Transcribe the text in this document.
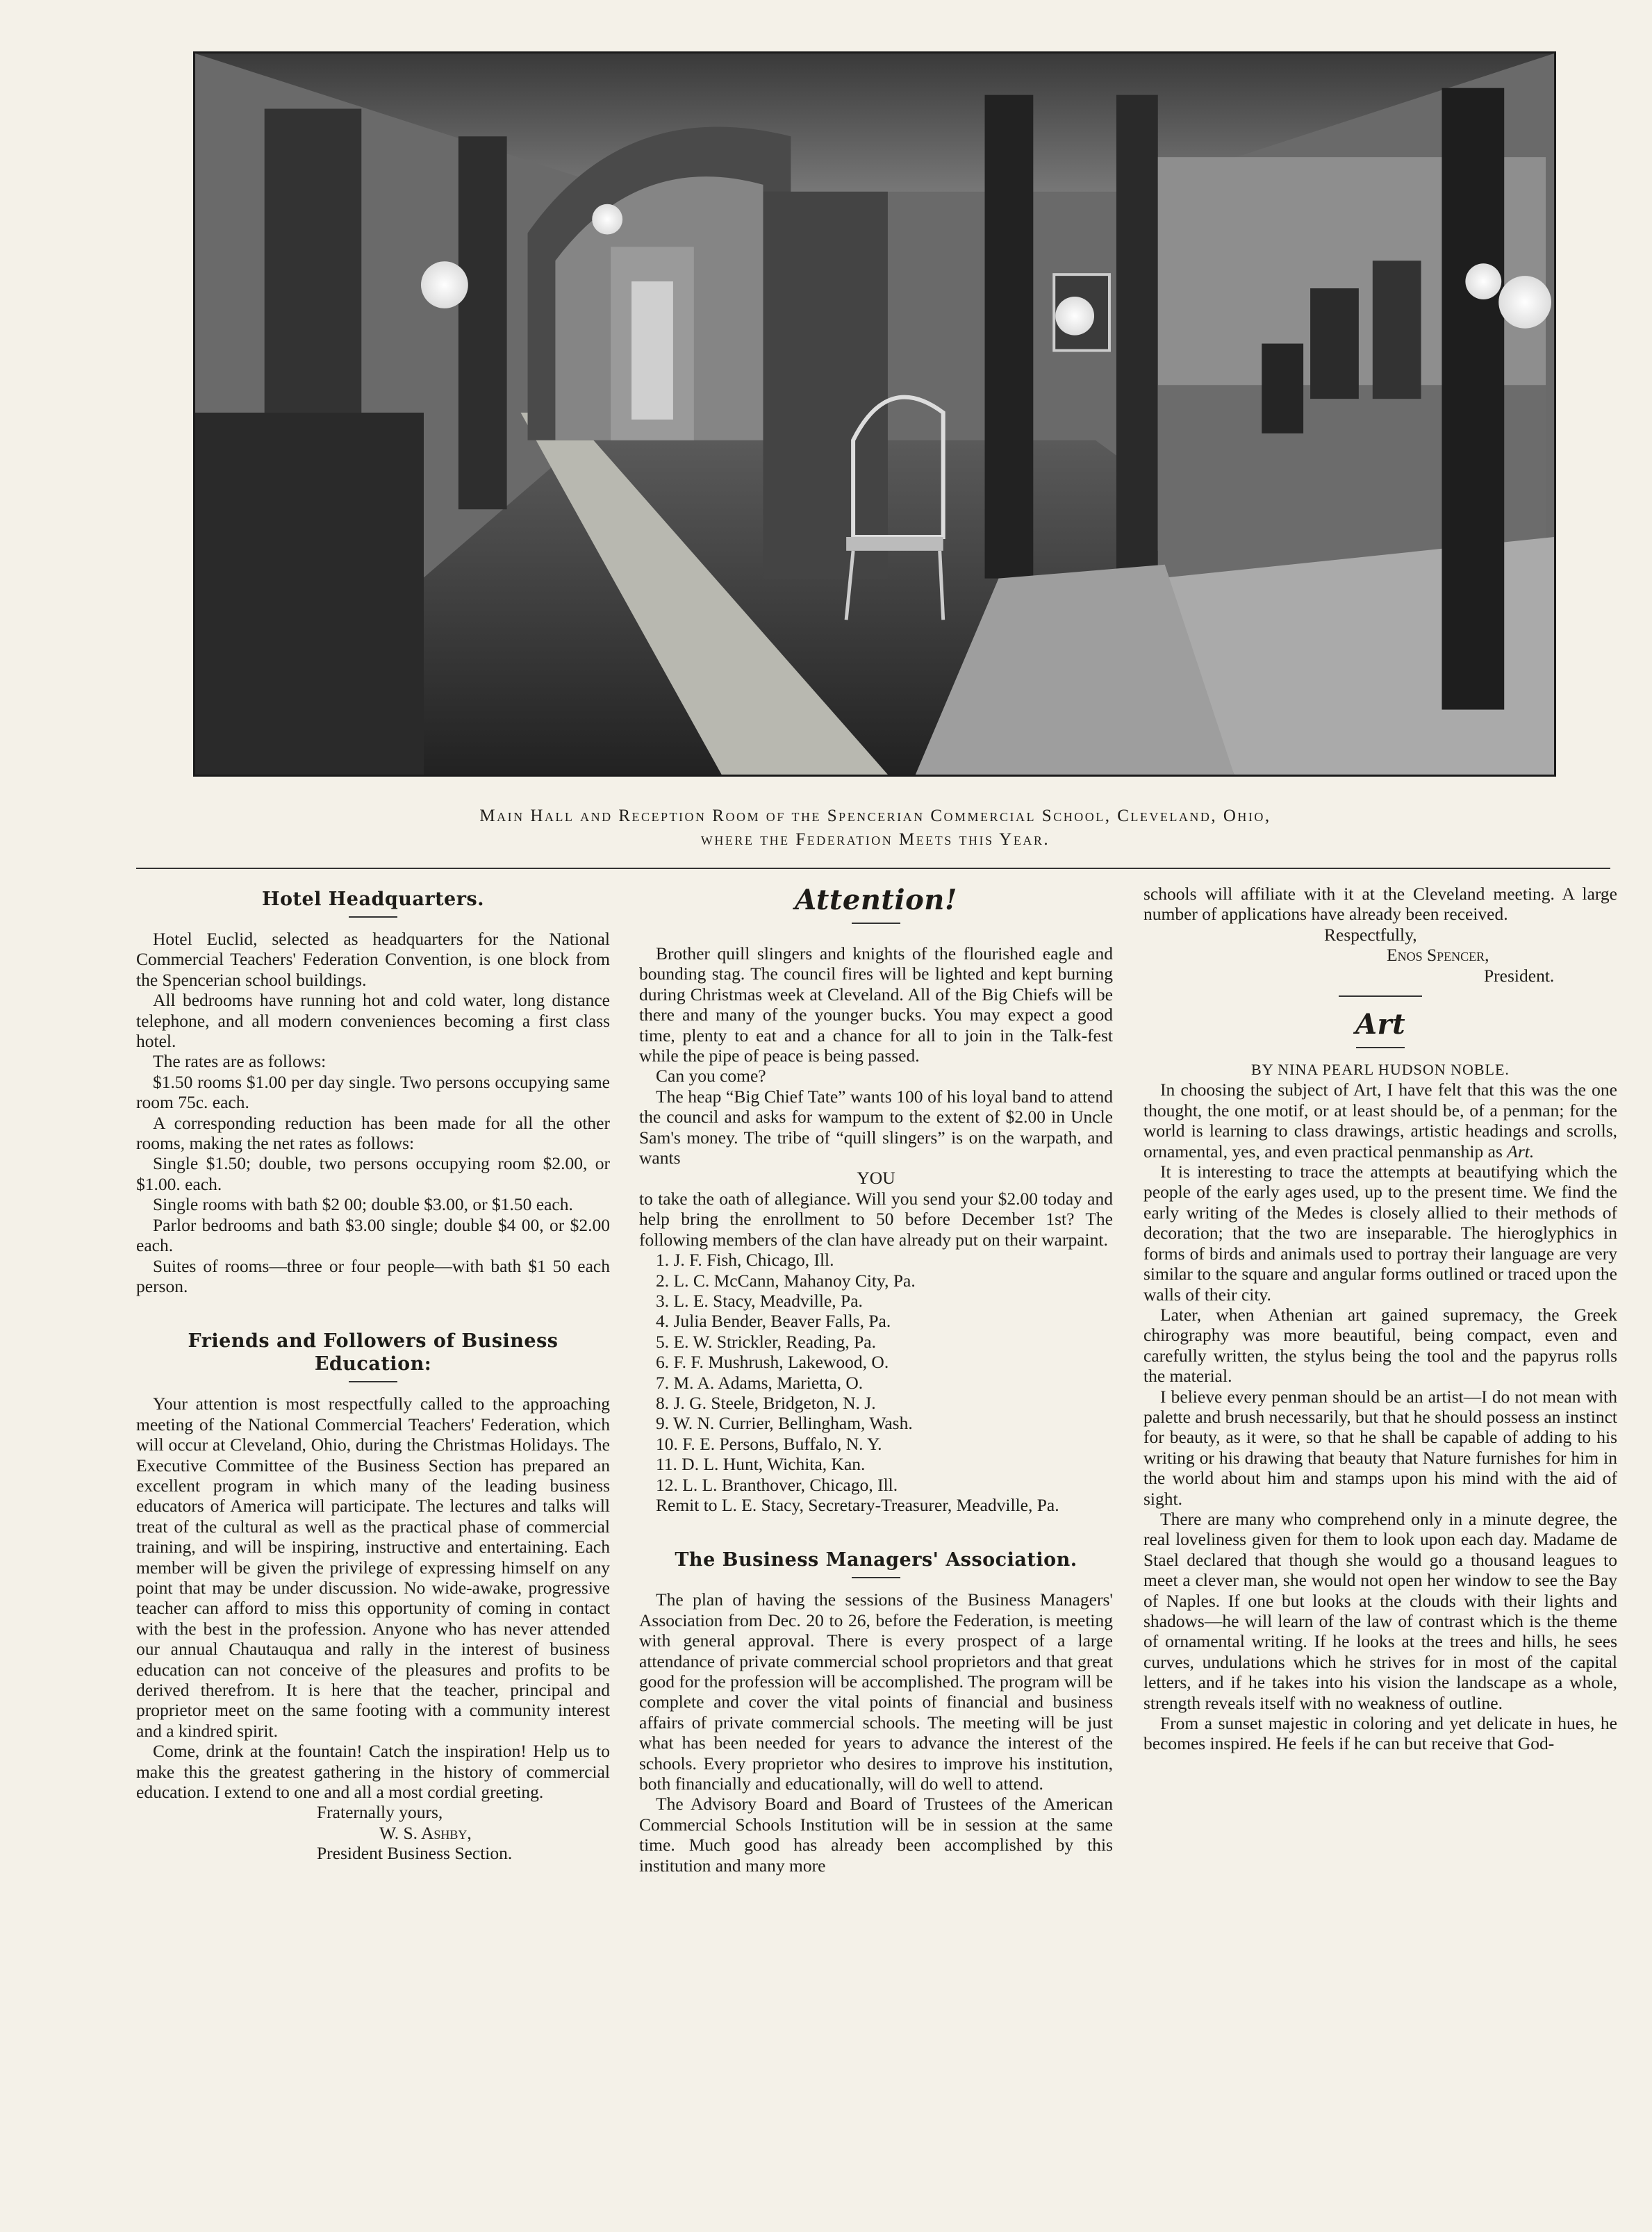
Main Hall and Reception Room of the Spencerian Commercial School, Cleveland, Ohio,
where the Federation Meets this Year.
Hotel Headquarters.

Hotel Euclid, selected as headquarters for the National Commercial Teachers' Federation Convention, is one block from the Spencerian school buildings.

All bedrooms have running hot and cold water, long distance telephone, and all modern conveniences becoming a first class hotel.

The rates are as follows:

$1.50 rooms $1.00 per day single. Two persons occupying same room 75c. each.

A corresponding reduction has been made for all the other rooms, making the net rates as follows:

Single $1.50; double, two persons occupying room $2.00, or $1.00. each.

Single rooms with bath $2 00; double $3.00, or $1.50 each.

Parlor bedrooms and bath $3.00 single; double $4 00, or $2.00 each.

Suites of rooms—three or four people—with bath $1 50 each person.

Friends and Followers of Business Education:

Your attention is most respectfully called to the approaching meeting of the National Commercial Teachers' Federation, which will occur at Cleveland, Ohio, during the Christmas Holidays. The Executive Committee of the Business Section has prepared an excellent program in which many of the leading business educators of America will participate. The lectures and talks will treat of the cultural as well as the practical phase of commercial training, and will be inspiring, instructive and entertaining. Each member will be given the privilege of expressing himself on any point that may be under discussion. No wide-awake, progressive teacher can afford to miss this opportunity of coming in contact with the best in the profession. Anyone who has never attended our annual Chautauqua and rally in the interest of business education can not conceive of the pleasures and profits to be derived therefrom. It is here that the teacher, principal and proprietor meet on the same footing with a community interest and a kindred spirit.

Come, drink at the fountain! Catch the inspiration! Help us to make this the greatest gathering in the history of commercial education. I extend to one and all a most cordial greeting.

Fraternally yours,

W. S. Ashby,

President Business Section.

Attention!

Brother quill slingers and knights of the flourished eagle and bounding stag. The council fires will be lighted and kept burning during Christmas week at Cleveland. All of the Big Chiefs will be there and many of the younger bucks. You may expect a good time, plenty to eat and a chance for all to join in the Talk-fest while the pipe of peace is being passed.

Can you come?

The heap “Big Chief Tate” wants 100 of his loyal band to attend the council and asks for wampum to the extent of $2.00 in Uncle Sam's money. The tribe of “quill slingers” is on the warpath, and wants

YOU

to take the oath of allegiance. Will you send your $2.00 today and help bring the enrollment to 50 before December 1st? The following members of the clan have already put on their warpaint.

1. J. F. Fish, Chicago, Ill.
2. L. C. McCann, Mahanoy City, Pa.
3. L. E. Stacy, Meadville, Pa.
4. Julia Bender, Beaver Falls, Pa.
5. E. W. Strickler, Reading, Pa.
6. F. F. Mushrush, Lakewood, O.
7. M. A. Adams, Marietta, O.
8. J. G. Steele, Bridgeton, N. J.
9. W. N. Currier, Bellingham, Wash.
10. F. E. Persons, Buffalo, N. Y.
11. D. L. Hunt, Wichita, Kan.
12. L. L. Branthover, Chicago, Ill.

Remit to L. E. Stacy, Secretary-Treasurer, Meadville, Pa.

The Business Managers' Association.

The plan of having the sessions of the Business Managers' Association from Dec. 20 to 26, before the Federation, is meeting with general approval. There is every prospect of a large attendance of private commercial school proprietors and that great good for the profession will be accomplished. The program will be complete and cover the vital points of financial and business affairs of private commercial schools. The meeting will be just what has been needed for years to advance the interest of the schools. Every proprietor who desires to improve his institution, both financially and educationally, will do well to attend.

The Advisory Board and Board of Trustees of the American Commercial Schools Institution will be in session at the same time. Much good has already been accomplished by this institution and many more

schools will affiliate with it at the Cleveland meeting. A large number of applications have already been received.

Respectfully,

Enos Spencer,

President.

Art

BY NINA PEARL HUDSON NOBLE.

In choosing the subject of Art, I have felt that this was the one thought, the one motif, or at least should be, of a penman; for the world is learning to class drawings, artistic headings and scrolls, ornamental, yes, and even practical penmanship as Art.

It is interesting to trace the attempts at beautifying which the people of the early ages used, up to the present time. We find the early writing of the Medes is closely allied to their methods of decoration; that the two are inseparable. The hieroglyphics in forms of birds and animals used to portray their language are very similar to the square and angular forms outlined or traced upon the walls of their city.

Later, when Athenian art gained supremacy, the Greek chirography was more beautiful, being compact, even and carefully written, the stylus being the tool and the papyrus rolls the material.

I believe every penman should be an artist—I do not mean with palette and brush necessarily, but that he should possess an instinct for beauty, as it were, so that he shall be capable of adding to his writing or his drawing that beauty that Nature furnishes for him in the world about him and stamps upon his mind with the aid of sight.

There are many who comprehend only in a minute degree, the real loveliness given for them to look upon each day. Madame de Stael declared that though she would go a thousand leagues to meet a clever man, she would not open her window to see the Bay of Naples. If one but looks at the clouds with their lights and shadows—he will learn of the law of contrast which is the theme of ornamental writing. If he looks at the trees and hills, he sees curves, undulations which he strives for in most of the capital letters, and if he takes into his vision the landscape as a whole, strength reveals itself with no weakness of outline.

From a sunset majestic in coloring and yet delicate in hues, he becomes inspired. He feels if he can but receive that God-
